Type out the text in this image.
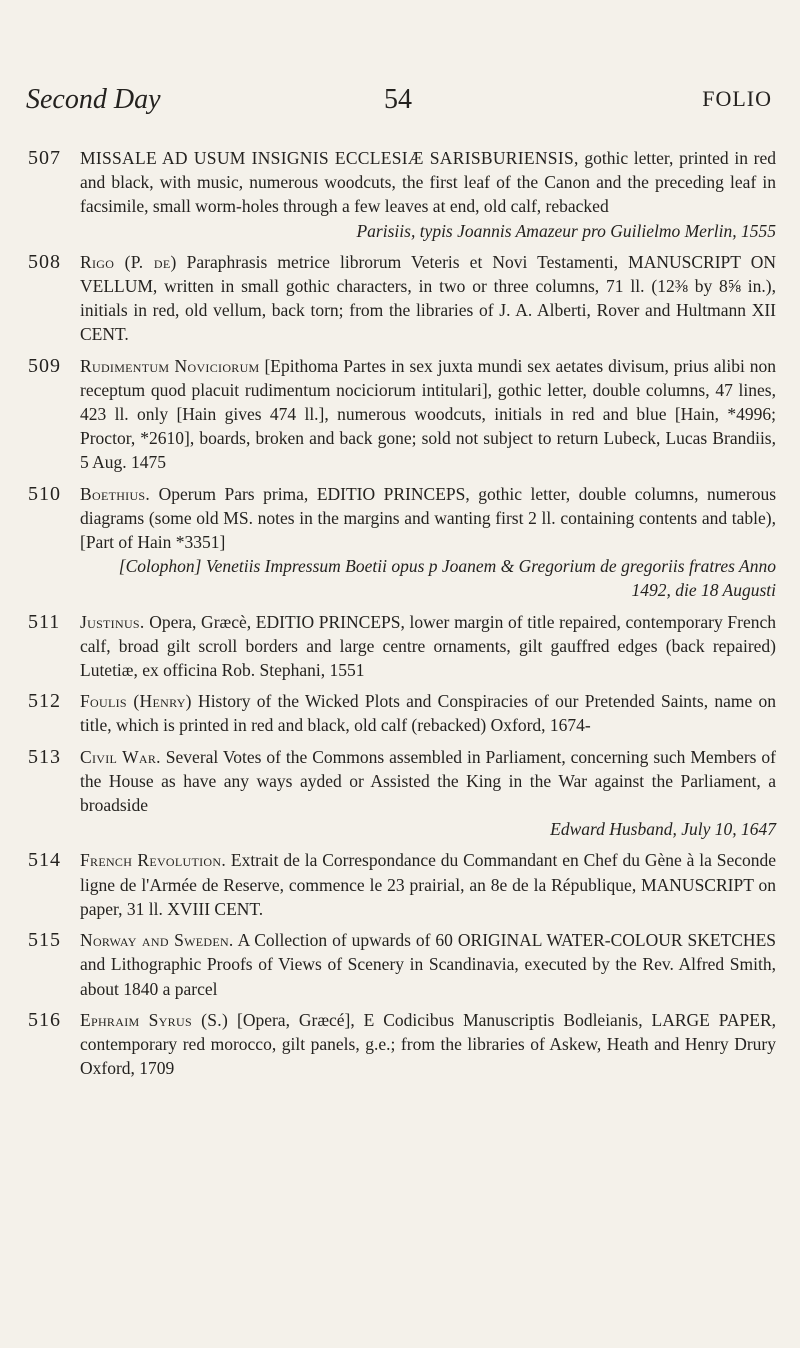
Second Day	54	FOLIO
507 MISSALE AD USUM INSIGNIS ECCLESIÆ SARISBURIENSIS, gothic letter, printed in red and black, with music, numerous woodcuts, the first leaf of the Canon and the preceding leaf in facsimile, small worm-holes through a few leaves at end, old calf, rebacked
Parisiis, typis Joannis Amazeur pro Guilielmo Merlin, 1555
508 Rigo (P. de) Paraphrasis metrice librorum Veteris et Novi Testamenti, MANUSCRIPT ON VELLUM, written in small gothic characters, in two or three columns, 71 ll. (12⅜ by 8⅝ in.), initials in red, old vellum, back torn; from the libraries of J. A. Alberti, Rover and Hultmann XII CENT.
509 Rudimentum Noviciorum [Epithoma Partes in sex juxta mundi sex aetates divisum, prius alibi non receptum quod placuit rudimentum nociciorum intitulari], gothic letter, double columns, 47 lines, 423 ll. only [Hain gives 474 ll.], numerous woodcuts, initials in red and blue [Hain, *4996; Proctor, *2610], boards, broken and back gone; sold not subject to return Lubeck, Lucas Brandiis, 5 Aug. 1475
510 Boethius. Operum Pars prima, EDITIO PRINCEPS, gothic letter, double columns, numerous diagrams (some old MS. notes in the margins and wanting first 2 ll. containing contents and table), [Part of Hain *3351]
[Colophon] Venetiis Impressum Boetii opus p Joanem & Gregorium de gregoriis fratres Anno 1492, die 18 Augusti
511 Justinus. Opera, Græcè, EDITIO PRINCEPS, lower margin of title repaired, contemporary French calf, broad gilt scroll borders and large centre ornaments, gilt gauffred edges (back repaired) Lutetiæ, ex officina Rob. Stephani, 1551
512 Foulis (Henry) History of the Wicked Plots and Conspiracies of our Pretended Saints, name on title, which is printed in red and black, old calf (rebacked) Oxford, 1674-
513 Civil War. Several Votes of the Commons assembled in Parliament, concerning such Members of the House as have any ways ayded or Assisted the King in the War against the Parliament, a broadside
Edward Husband, July 10, 1647
514 French Revolution. Extrait de la Correspondance du Commandant en Chef du Gène à la Seconde ligne de l'Armée de Reserve, commence le 23 prairial, an 8e de la République, MANUSCRIPT on paper, 31 ll. XVIII CENT.
515 Norway and Sweden. A Collection of upwards of 60 ORIGINAL WATER-COLOUR SKETCHES and Lithographic Proofs of Views of Scenery in Scandinavia, executed by the Rev. Alfred Smith, about 1840 a parcel
516 Ephraim Syrus (S.) [Opera, Græcé], E Codicibus Manuscriptis Bodleianis, LARGE PAPER, contemporary red morocco, gilt panels, g.e.; from the libraries of Askew, Heath and Henry Drury Oxford, 1709
